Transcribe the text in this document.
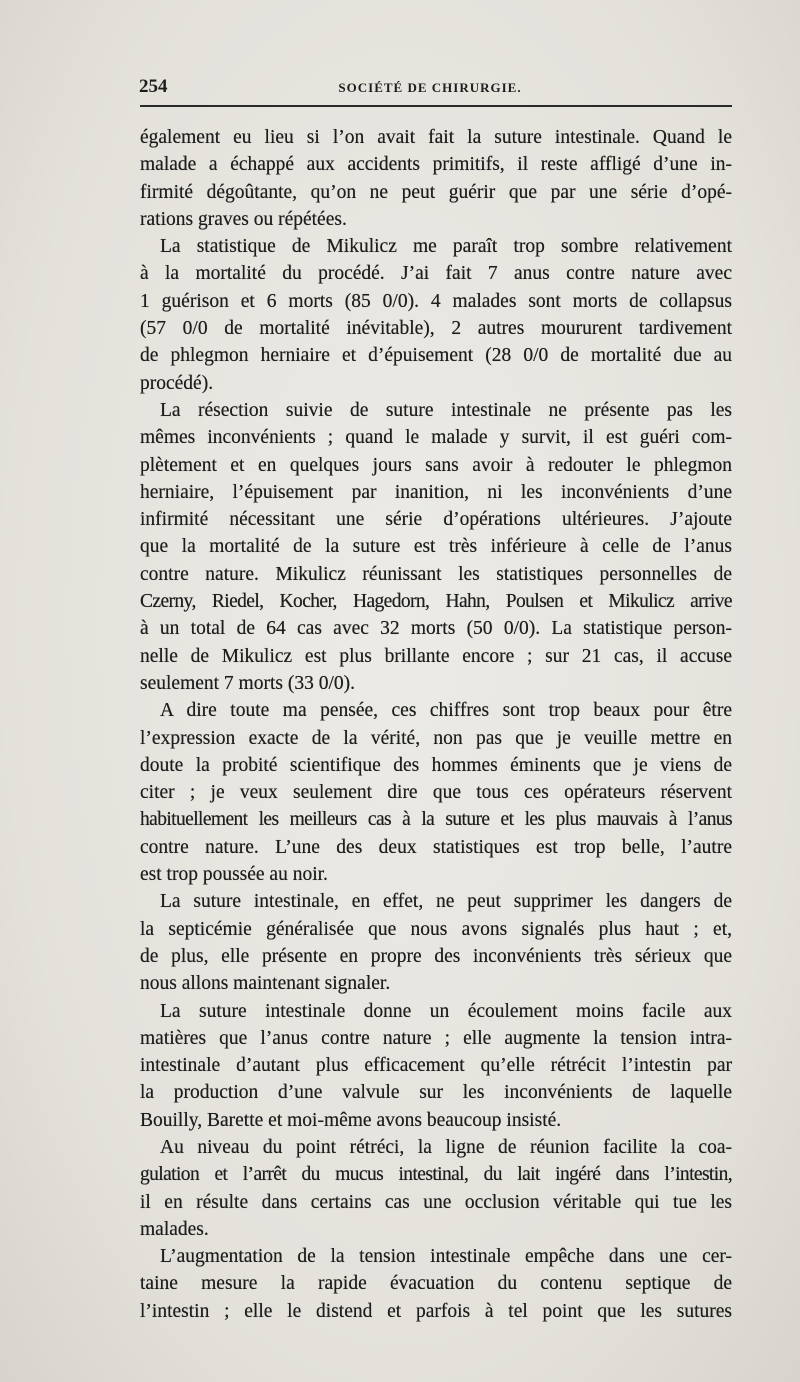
254	SOCIÉTÉ DE CHIRURGIE.
également eu lieu si l’on avait fait la suture intestinale. Quand le
malade a échappé aux accidents primitifs, il reste affligé d’une in-
firmité dégoûtante, qu’on ne peut guérir que par une série d’opé-
rations graves ou répétées.
La statistique de Mikulicz me paraît trop sombre relativement
à la mortalité du procédé. J’ai fait 7 anus contre nature avec
1 guérison et 6 morts (85 0/0). 4 malades sont morts de collapsus
(57 0/0 de mortalité inévitable), 2 autres moururent tardivement
de phlegmon herniaire et d’épuisement (28 0/0 de mortalité due au
procédé).
La résection suivie de suture intestinale ne présente pas les
mêmes inconvénients ; quand le malade y survit, il est guéri com-
plètement et en quelques jours sans avoir à redouter le phlegmon
herniaire, l’épuisement par inanition, ni les inconvénients d’une
infirmité nécessitant une série d’opérations ultérieures. J’ajoute
que la mortalité de la suture est très inférieure à celle de l’anus
contre nature. Mikulicz réunissant les statistiques personnelles de
Czerny, Riedel, Kocher, Hagedorn, Hahn, Poulsen et Mikulicz arrive
à un total de 64 cas avec 32 morts (50 0/0). La statistique person-
nelle de Mikulicz est plus brillante encore ; sur 21 cas, il accuse
seulement 7 morts (33 0/0).
A dire toute ma pensée, ces chiffres sont trop beaux pour être
l’expression exacte de la vérité, non pas que je veuille mettre en
doute la probité scientifique des hommes éminents que je viens de
citer ; je veux seulement dire que tous ces opérateurs réservent
habituellement les meilleurs cas à la suture et les plus mauvais à l’anus
contre nature. L’une des deux statistiques est trop belle, l’autre
est trop poussée au noir.
La suture intestinale, en effet, ne peut supprimer les dangers de
la septicémie généralisée que nous avons signalés plus haut ; et,
de plus, elle présente en propre des inconvénients très sérieux que
nous allons maintenant signaler.
La suture intestinale donne un écoulement moins facile aux
matières que l’anus contre nature ; elle augmente la tension intra-
intestinale d’autant plus efficacement qu’elle rétrécit l’intestin par
la production d’une valvule sur les inconvénients de laquelle
Bouilly, Barette et moi-même avons beaucoup insisté.
Au niveau du point rétréci, la ligne de réunion facilite la coa-
gulation et l’arrêt du mucus intestinal, du lait ingéré dans l’intestin,
il en résulte dans certains cas une occlusion véritable qui tue les
malades.
L’augmentation de la tension intestinale empêche dans une cer-
taine mesure la rapide évacuation du contenu septique de
l’intestin ; elle le distend et parfois à tel point que les sutures
